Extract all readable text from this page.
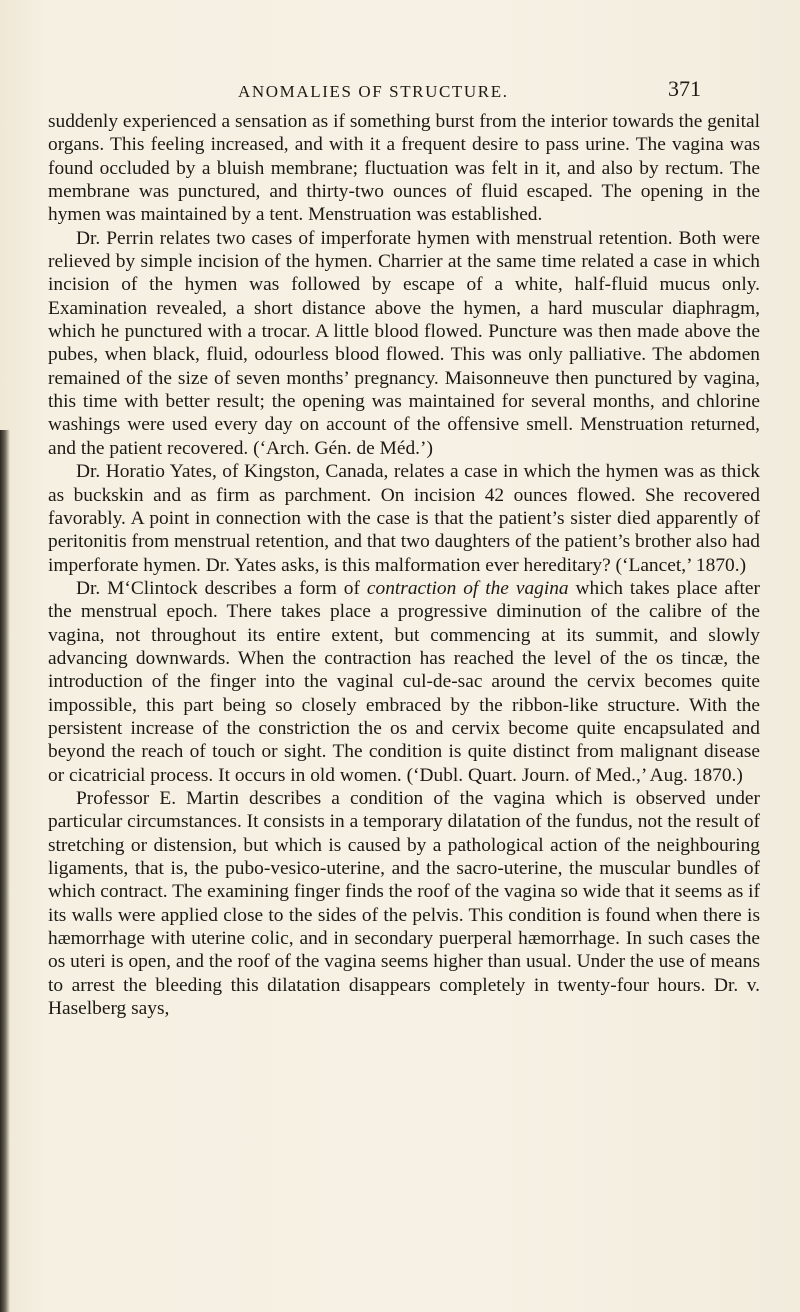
ANOMALIES OF STRUCTURE.	371

suddenly experienced a sensation as if something burst from the interior towards the genital organs. This feeling increased, and with it a frequent desire to pass urine. The vagina was found occluded by a bluish membrane; fluctuation was felt in it, and also by rectum. The membrane was punctured, and thirty-two ounces of fluid escaped. The opening in the hymen was maintained by a tent. Menstruation was established.

Dr. Perrin relates two cases of imperforate hymen with menstrual retention. Both were relieved by simple incision of the hymen. Charrier at the same time related a case in which incision of the hymen was followed by escape of a white, half-fluid mucus only. Examination revealed, a short distance above the hymen, a hard muscular diaphragm, which he punctured with a trocar. A little blood flowed. Puncture was then made above the pubes, when black, fluid, odourless blood flowed. This was only palliative. The abdomen remained of the size of seven months’ pregnancy. Maisonneuve then punctured by vagina, this time with better result; the opening was maintained for several months, and chlorine washings were used every day on account of the offensive smell. Menstruation returned, and the patient recovered. (‘Arch. Gén. de Méd.’)

Dr. Horatio Yates, of Kingston, Canada, relates a case in which the hymen was as thick as buckskin and as firm as parchment. On incision 42 ounces flowed. She recovered favorably. A point in connection with the case is that the patient’s sister died apparently of peritonitis from menstrual retention, and that two daughters of the patient’s brother also had imperforate hymen. Dr. Yates asks, is this malformation ever hereditary? (‘Lancet,’ 1870.)

Dr. M‘Clintock describes a form of contraction of the vagina which takes place after the menstrual epoch. There takes place a progressive diminution of the calibre of the vagina, not throughout its entire extent, but commencing at its summit, and slowly advancing downwards. When the contraction has reached the level of the os tincæ, the introduction of the finger into the vaginal cul-de-sac around the cervix becomes quite impossible, this part being so closely embraced by the ribbon-like structure. With the persistent increase of the constriction the os and cervix become quite encapsulated and beyond the reach of touch or sight. The condition is quite distinct from malignant disease or cicatricial process. It occurs in old women. (‘Dubl. Quart. Journ. of Med.,’ Aug. 1870.)

Professor E. Martin describes a condition of the vagina which is observed under particular circumstances. It consists in a temporary dilatation of the fundus, not the result of stretching or distension, but which is caused by a pathological action of the neighbouring ligaments, that is, the pubo-vesico-uterine, and the sacro-uterine, the muscular bundles of which contract. The examining finger finds the roof of the vagina so wide that it seems as if its walls were applied close to the sides of the pelvis. This condition is found when there is hæmorrhage with uterine colic, and in secondary puerperal hæmorrhage. In such cases the os uteri is open, and the roof of the vagina seems higher than usual. Under the use of means to arrest the bleeding this dilatation disappears completely in twenty-four hours. Dr. v. Haselberg says,
